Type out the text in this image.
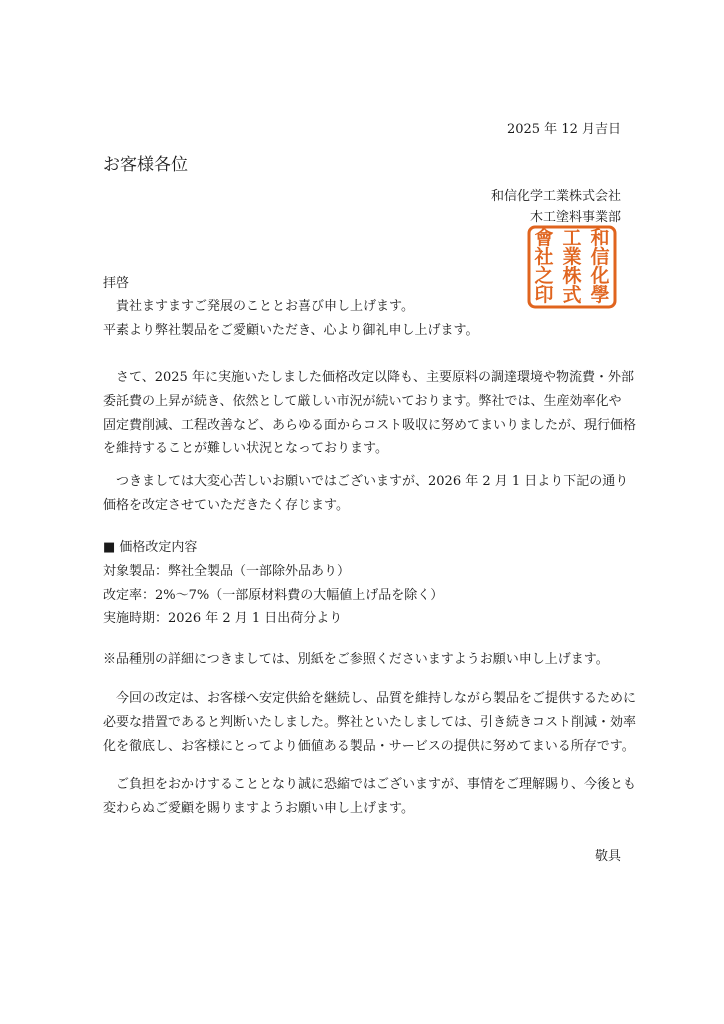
2025 年 12 月吉日
お客様各位
和信化学工業株式会社
木工塗料事業部
和
信
化
學
工
業
株
式
會
社
之
印
拝啓

貴社ますますご発展のこととお喜び申し上げます。

平素より弊社製品をご愛顧いただき、心より御礼申し上げます。

さて、2025 年に実施いたしました価格改定以降も、主要原料の調達環境や物流費・外部

委託費の上昇が続き、依然として厳しい市況が続いております。弊社では、生産効率化や

固定費削減、工程改善など、あらゆる面からコスト吸収に努めてまいりましたが、現行価格

を維持することが難しい状況となっております。

つきましては大変心苦しいお願いではございますが、2026 年 2 月 1 日より下記の通り

価格を改定させていただきたく存じます。

■ 価格改定内容

対象製品：弊社全製品（一部除外品あり）

改定率：2%～7%（一部原材料費の大幅値上げ品を除く）

実施時期：2026 年 2 月 1 日出荷分より

※品種別の詳細につきましては、別紙をご参照くださいますようお願い申し上げます。

今回の改定は、お客様へ安定供給を継続し、品質を維持しながら製品をご提供するために

必要な措置であると判断いたしました。弊社といたしましては、引き続きコスト削減・効率

化を徹底し、お客様にとってより価値ある製品・サービスの提供に努めてまいる所存です。

ご負担をおかけすることとなり誠に恐縮ではございますが、事情をご理解賜り、今後とも

変わらぬご愛顧を賜りますようお願い申し上げます。

敬具
